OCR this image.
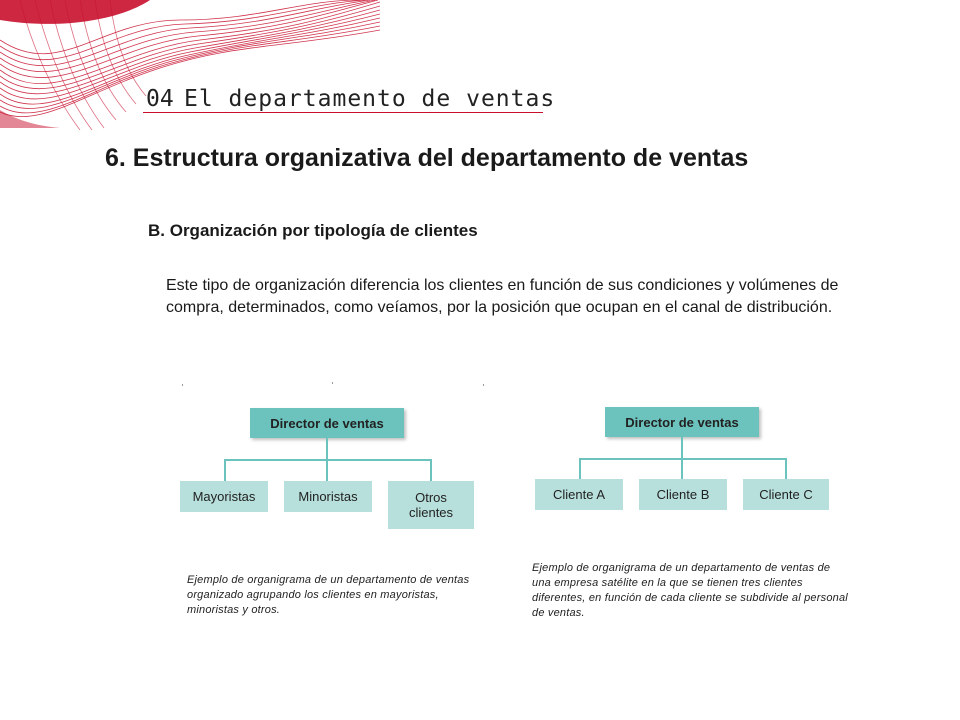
04 El departamento de ventas
6. Estructura organizativa del departamento de ventas
B. Organización por tipología de clientes
Este tipo de organización diferencia los clientes en función de sus condiciones y volúmenes de compra, determinados, como veíamos, por la posición que ocupan en el canal de distribución.
Director de ventas
Mayoristas	Minoristas	Otros clientes
Ejemplo de organigrama de un departamento de ventas organizado agrupando los clientes en mayoristas, minoristas y otros.
Director de ventas
Cliente A	Cliente B	Cliente C
Ejemplo de organigrama de un departamento de ventas de una empresa satélite en la que se tienen tres clientes diferentes, en función de cada cliente se subdivide al personal de ventas.
